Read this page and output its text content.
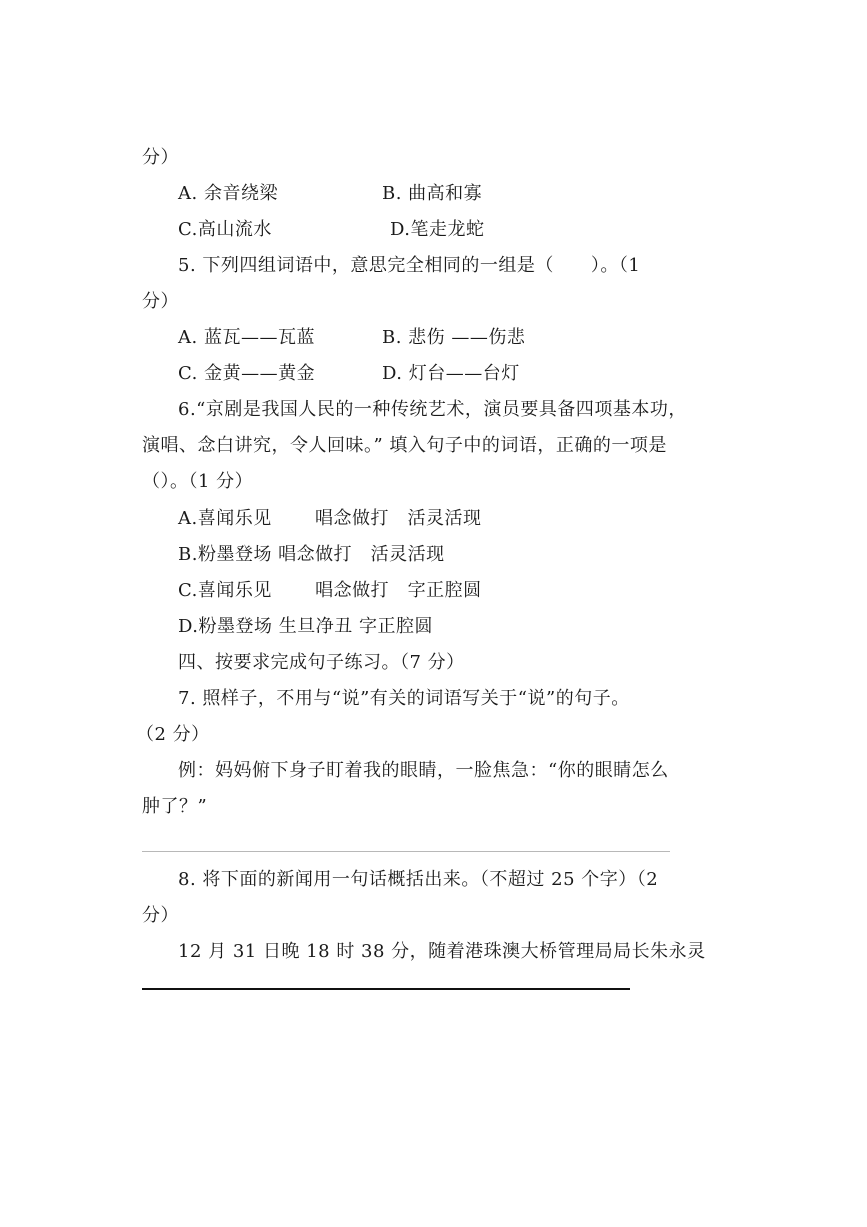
分）
A. 余音绕梁	B. 曲高和寡
C.高山流水	D.笔走龙蛇
5. 下列四组词语中，意思完全相同的一组是（　　）。（1
分）
A. 蓝瓦——瓦蓝	B. 悲伤 ——伤悲
C. 金黄——黄金	D. 灯台——台灯
6.“京剧是我国人民的一种传统艺术，演员要具备四项基本功，
演唱、念白讲究，令人回味。” 填入句子中的词语，正确的一项是
（）。（1 分）
A.喜闻乐见　　 唱念做打　活灵活现
B.粉墨登场 唱念做打　活灵活现
C.喜闻乐见　　 唱念做打　字正腔圆
D.粉墨登场 生旦净丑 字正腔圆
四、按要求完成句子练习。（7 分）
7. 照样子，不用与“说”有关的词语写关于“说”的句子。
（2 分）
例：妈妈俯下身子盯着我的眼睛，一脸焦急：“你的眼睛怎么
肿了？”
8. 将下面的新闻用一句话概括出来。（不超过 25 个字）（2
分）
12 月 31 日晚 18 时 38 分，随着港珠澳大桥管理局局长朱永灵
